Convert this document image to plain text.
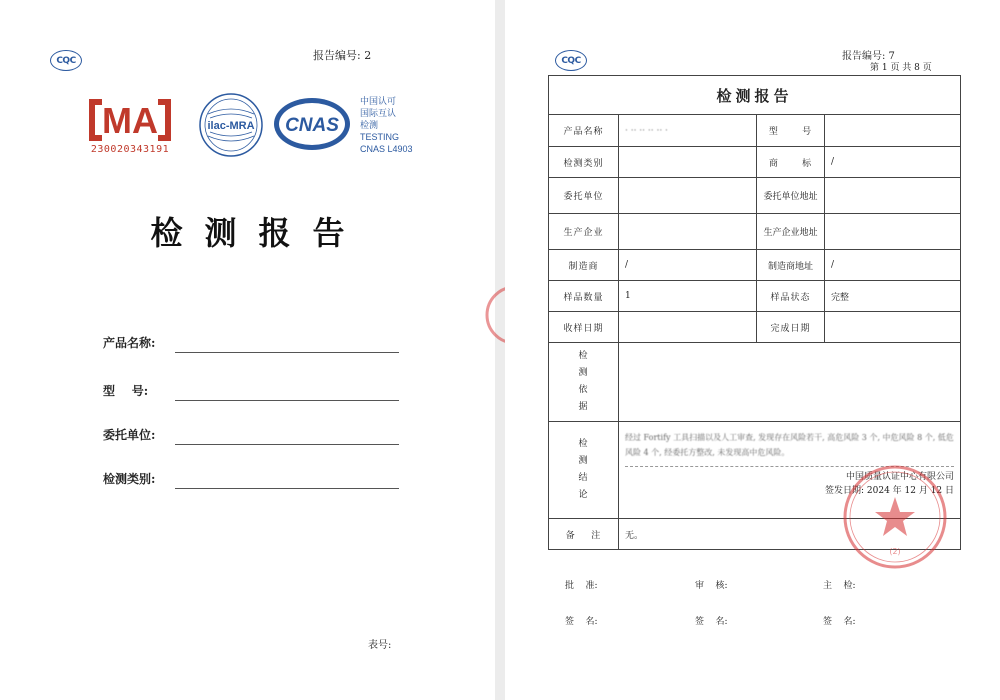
CQC	报告编号: 2
MA
230020343191
ilac-MRA CNAS
中国认可
国际互认
检测
TESTING
CNAS L4903
检测报告
产品名称:
型    号:
委托单位:
检测类别:
表号:
CQC	报告编号: 7
第 1 页 共 8 页
检测报告			
产品名称	· ·· ·· ·· ·· ·	型      号	
检测类别		商      标	/
委托单位		委托单位地址	
生产企业		生产企业地址	
制造商	/	制造商地址	/
样品数量	1	样品状态	完整
收样日期		完成日期	

检测依据			

检测结论	经过 Fortify 工具扫描以及人工审查, 发现存在风险若干, 高危风险 3 个, 中危风险 8 个, 低危风险 4 个, 经委托方整改, 未发现高中危风险。
中国质量认证中心有限公司
签发日期: 2024 年 12 月 12 日		

备    注	无。		
批    准:	审    核:	主    检:
签    名:	签    名:	签    名:
(2)
